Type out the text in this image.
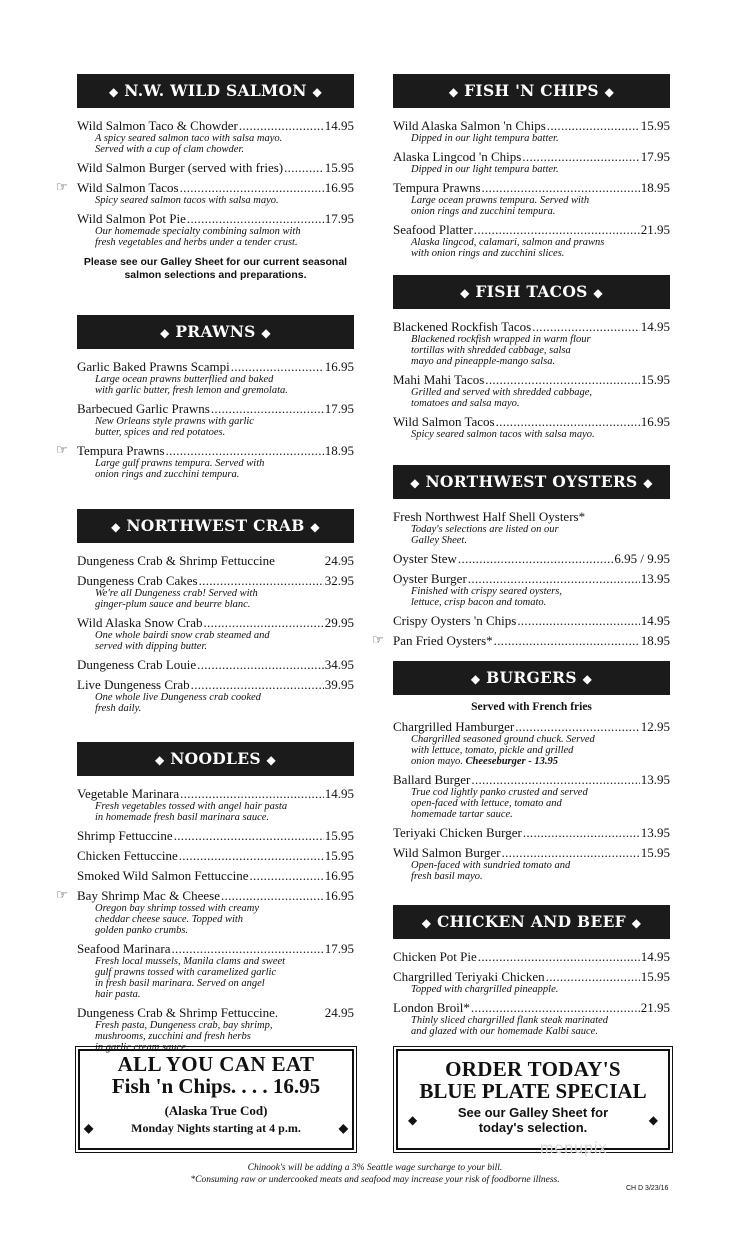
◆ N.W. WILD SALMON ◆
Wild Salmon Taco & Chowder .....	14.95
A spicy seared salmon taco with salsa mayo.
Served with a cup of clam chowder.
Wild Salmon Burger (served with fries) .....	15.95
☞ Wild Salmon Tacos .....	16.95
Spicy seared salmon tacos with salsa mayo.
Wild Salmon Pot Pie .....	17.95
Our homemade specialty combining salmon with
fresh vegetables and herbs under a tender crust.
Please see our Galley Sheet for our current seasonal
salmon selections and preparations.
◆ PRAWNS ◆
Garlic Baked Prawns Scampi .....	16.95
Large ocean prawns butterflied and baked
with garlic butter, fresh lemon and gremolata.
Barbecued Garlic Prawns .....	17.95
New Orleans style prawns with garlic
butter, spices and red potatoes.
☞ Tempura Prawns .....	18.95
Large gulf prawns tempura. Served with
onion rings and zucchini tempura.
◆ NORTHWEST CRAB ◆
Dungeness Crab & Shrimp Fettuccine	24.95
Dungeness Crab Cakes .....	32.95
We're all Dungeness crab! Served with
ginger-plum sauce and beurre blanc.
Wild Alaska Snow Crab .....	29.95
One whole bairdi snow crab steamed and
served with dipping butter.
Dungeness Crab Louie .....	34.95
Live Dungeness Crab .....	39.95
One whole live Dungeness crab cooked
fresh daily.
◆ NOODLES ◆
Vegetable Marinara .....	14.95
Fresh vegetables tossed with angel hair pasta
in homemade fresh basil marinara sauce.
Shrimp Fettuccine .....	15.95
Chicken Fettuccine .....	15.95
Smoked Wild Salmon Fettuccine .....	16.95
☞ Bay Shrimp Mac & Cheese .....	16.95
Oregon bay shrimp tossed with creamy
cheddar cheese sauce. Topped with
golden panko crumbs.
Seafood Marinara .....	17.95
Fresh local mussels, Manila clams and sweet
gulf prawns tossed with caramelized garlic
in fresh basil marinara. Served on angel
hair pasta.
Dungeness Crab & Shrimp Fettuccine.	24.95
Fresh pasta, Dungeness crab, bay shrimp,
mushrooms, zucchini and fresh herbs
in garlic cream sauce.
◆ FISH 'N CHIPS ◆
Wild Alaska Salmon 'n Chips .....	15.95
Dipped in our light tempura batter.
Alaska Lingcod 'n Chips .....	17.95
Dipped in our light tempura batter.
Tempura Prawns .....	18.95
Large ocean prawns tempura. Served with
onion rings and zucchini tempura.
Seafood Platter .....	21.95
Alaska lingcod, calamari, salmon and prawns
with onion rings and zucchini slices.
◆ FISH TACOS ◆
Blackened Rockfish Tacos .....	14.95
Blackened rockfish wrapped in warm flour
tortillas with shredded cabbage, salsa
mayo and pineapple-mango salsa.
Mahi Mahi Tacos .....	15.95
Grilled and served with shredded cabbage,
tomatoes and salsa mayo.
Wild Salmon Tacos .....	16.95
Spicy seared salmon tacos with salsa mayo.
◆ NORTHWEST OYSTERS ◆
Fresh Northwest Half Shell Oysters*
Today's selections are listed on our
Galley Sheet.
Oyster Stew .....	6.95 / 9.95
Oyster Burger .....	13.95
Finished with crispy seared oysters,
lettuce, crisp bacon and tomato.
Crispy Oysters 'n Chips .....	14.95
☞ Pan Fried Oysters* .....	18.95
◆ BURGERS ◆
Served with French fries
Chargrilled Hamburger .....	12.95
Chargrilled seasoned ground chuck. Served
with lettuce, tomato, pickle and grilled
onion mayo. Cheeseburger - 13.95
Ballard Burger .....	13.95
True cod lightly panko crusted and served
open-faced with lettuce, tomato and
homemade tartar sauce.
Teriyaki Chicken Burger .....	13.95
Wild Salmon Burger .....	15.95
Open-faced with sundried tomato and
fresh basil mayo.
◆ CHICKEN AND BEEF ◆
Chicken Pot Pie .....	14.95
Chargrilled Teriyaki Chicken .....	15.95
Topped with chargrilled pineapple.
London Broil* .....	21.95
Thinly sliced chargrilled flank steak marinated
and glazed with our homemade Kalbi sauce.
ALL YOU CAN EAT
Fish 'n Chips. . . . 16.95
(Alaska True Cod)
◆	Monday Nights starting at 4 p.m.	◆
ORDER TODAY'S
BLUE PLATE SPECIAL
◆	See our Galley Sheet for
today's selection.	◆
menupix
Chinook's will be adding a 3% Seattle wage surcharge to your bill.
*Consuming raw or undercooked meats and seafood may increase your risk of foodborne illness.
CH D 3/23/16
